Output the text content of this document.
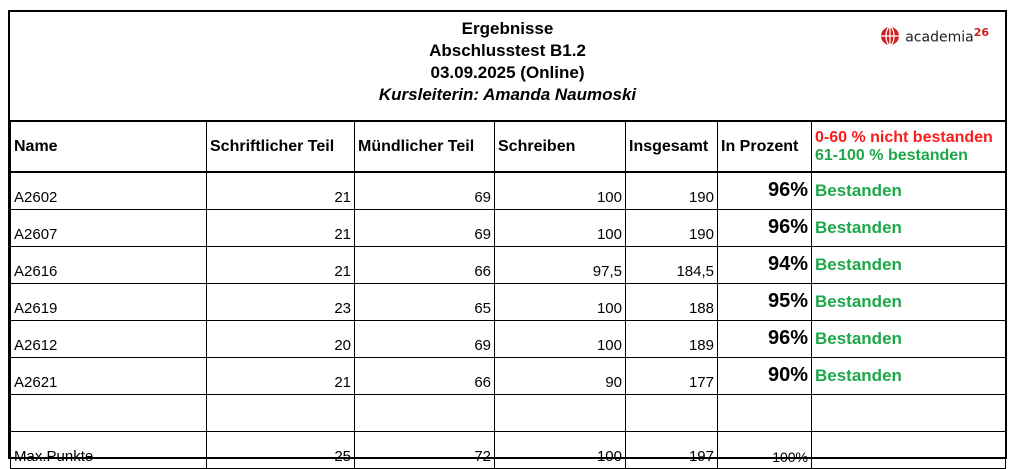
Ergebnisse
Abschlusstest B1.2
03.09.2025 (Online)
Kursleiterin: Amanda Naumoski
academia$^{26}$
Name	Schriftlicher Teil	Mündlicher Teil	Schreiben	Insgesamt	In Prozent	0-60 % nicht bestanden
61-100 % bestanden

A2602	21	69	100	190	96%	Bestanden
A2607	21	69	100	190	96%	Bestanden
A2616	21	66	97,5	184,5	94%	Bestanden
A2619	23	65	100	188	95%	Bestanden
A2612	20	69	100	189	96%	Bestanden
A2621	21	66	90	177	90%	Bestanden

Max.Punkte	25	72	100	197	100%	
